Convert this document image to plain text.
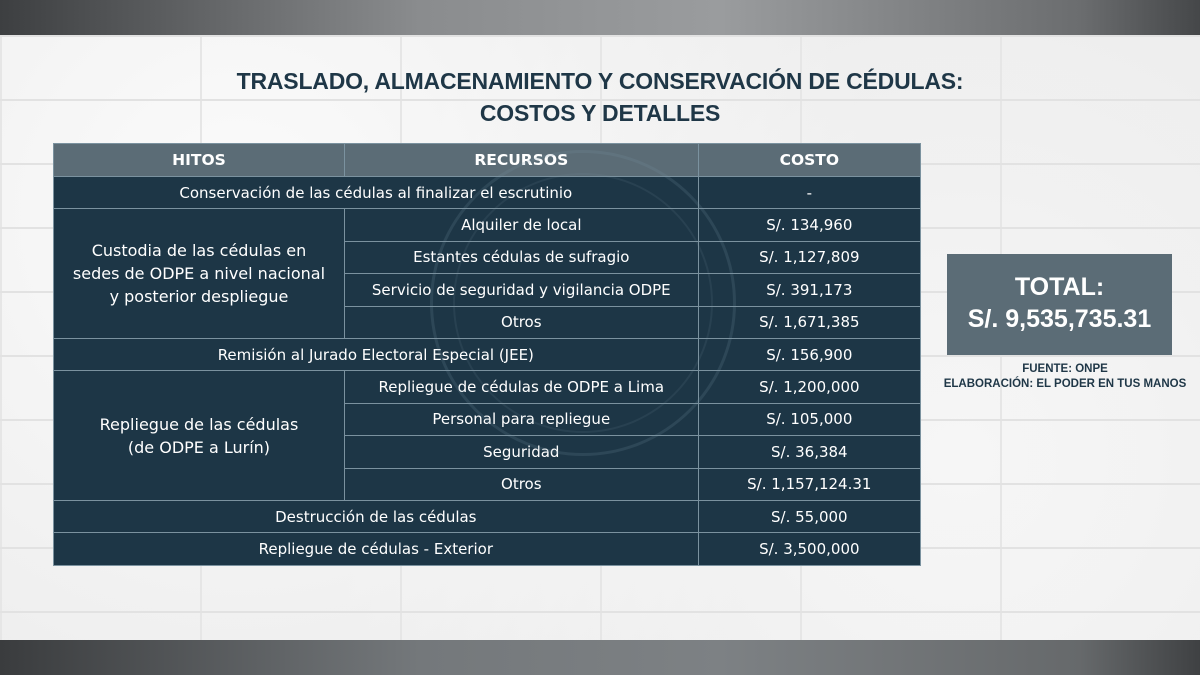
TRASLADO, ALMACENAMIENTO Y CONSERVACIÓN DE CÉDULAS:
COSTOS Y DETALLES
HITOS	RECURSOS	COSTO
Conservación de las cédulas al finalizar el escrutinio		-

Custodia de las cédulas en
sedes de ODPE a nivel nacional
y posterior despliegue	Alquiler de local	S/. 134,960
	Estantes cédulas de sufragio	S/. 1,127,809
	Servicio de seguridad y vigilancia ODPE	S/. 391,173
	Otros	S/. 1,671,385
Remisión al Jurado Electoral Especial (JEE)		S/. 156,900

Repliegue de las cédulas
(de ODPE a Lurín)	Repliegue de cédulas de ODPE a Lima	S/. 1,200,000
	Personal para repliegue	S/. 105,000
	Seguridad	S/. 36,384
	Otros	S/. 1,157,124.31
Destrucción de las cédulas		S/. 55,000
Repliegue de cédulas - Exterior		S/. 3,500,000
TOTAL:
S/. 9,535,735.31
FUENTE: ONPE
ELABORACIÓN: EL PODER EN TUS MANOS
